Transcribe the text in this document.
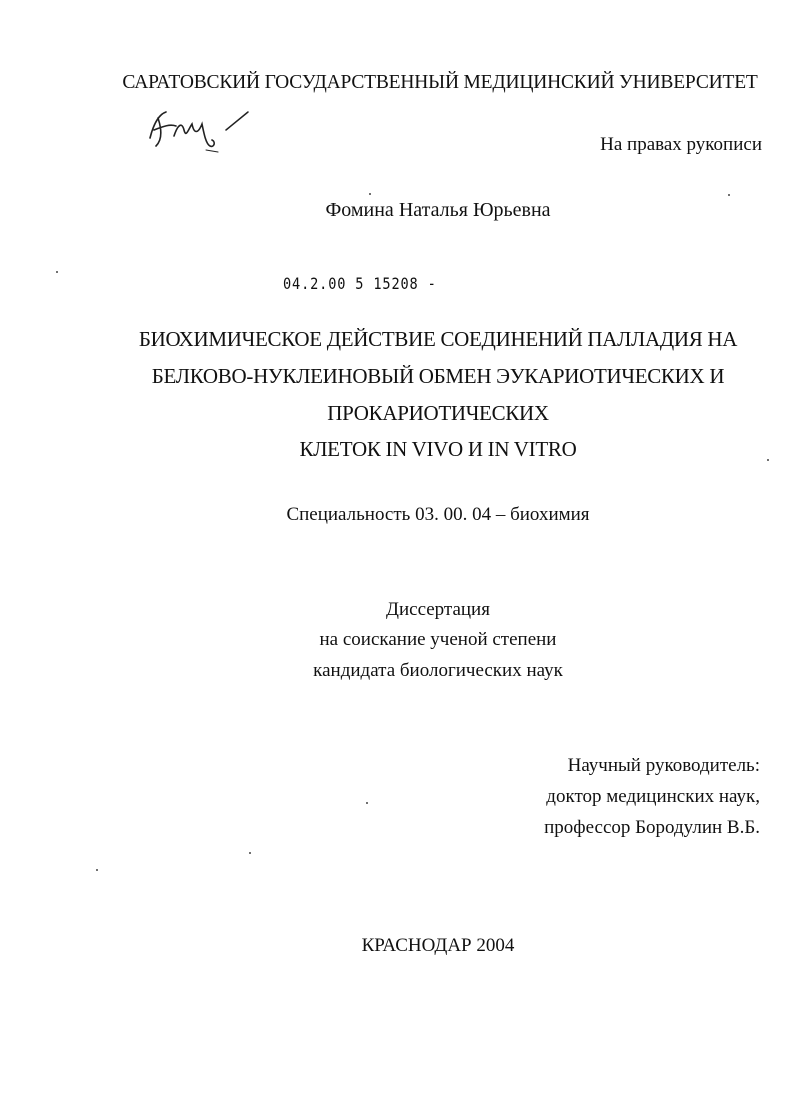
САРАТОВСКИЙ ГОСУДАРСТВЕННЫЙ МЕДИЦИНСКИЙ УНИВЕРСИТЕТ
На правах рукописи
Фомина Наталья Юрьевна
04.2.00 5 15208 -
БИОХИМИЧЕСКОЕ ДЕЙСТВИЕ СОЕДИНЕНИЙ ПАЛЛАДИЯ НА
БЕЛКОВО-НУКЛЕИНОВЫЙ ОБМЕН ЭУКАРИОТИЧЕСКИХ И
ПРОКАРИОТИЧЕСКИХ
КЛЕТОК IN VIVO И IN VITRO
Специальность 03. 00. 04 – биохимия
Диссертация
на соискание ученой степени
кандидата биологических наук
Научный руководитель:
доктор медицинских наук,
профессор Бородулин В.Б.
КРАСНОДАР 2004
